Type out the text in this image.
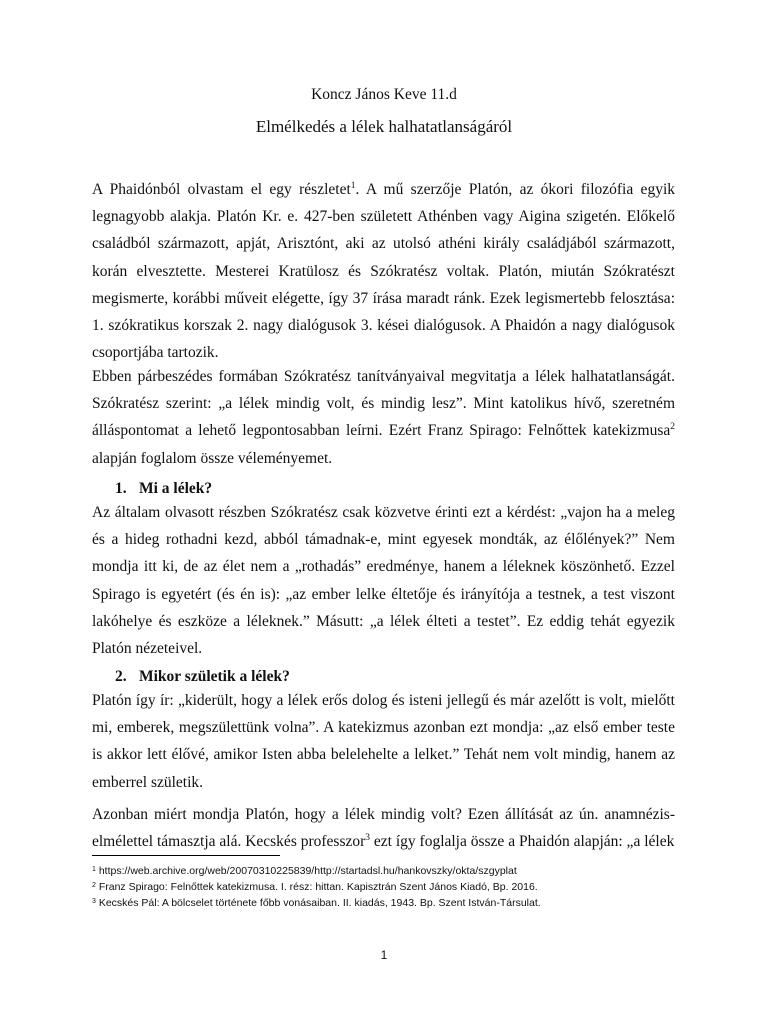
Koncz János Keve 11.d
Elmélkedés a lélek halhatatlanságáról

A Phaidónból olvastam el egy részletet$^1$. A mű szerzője Platón, az ókori filozófia egyik legnagyobb alakja. Platón Kr. e. 427-ben született Athénben vagy Aigina szigetén. Előkelő családból származott, apját, Arisztónt, aki az utolsó athéni király családjából származott, korán elvesztette. Mesterei Kratülosz és Szókratész voltak. Platón, miután Szókratészt megismerte, korábbi műveit elégette, így 37 írása maradt ránk. Ezek legismertebb felosztása: 1. szókratikus korszak 2. nagy dialógusok 3. kései dialógusok. A Phaidón a nagy dialógusok csoportjába tartozik.

Ebben párbeszédes formában Szókratész tanítványaival megvitatja a lélek halhatatlanságát. Szókratész szerint: „a lélek mindig volt, és mindig lesz”. Mint katolikus hívő, szeretném álláspontomat a lehető legpontosabban leírni. Ezért Franz Spirago: Felnőttek katekizmusa$^2$ alapján foglalom össze véleményemet.

1. Mi a lélek?

Az általam olvasott részben Szókratész csak közvetve érinti ezt a kérdést: „vajon ha a meleg és a hideg rothadni kezd, abból támadnak-e, mint egyesek mondták, az élőlények?” Nem mondja itt ki, de az élet nem a „rothadás” eredménye, hanem a léleknek köszönhető. Ezzel Spirago is egyetért (és én is): „az ember lelke éltetője és irányítója a testnek, a test viszont lakóhelye és eszköze a léleknek.” Másutt: „a lélek élteti a testet”. Ez eddig tehát egyezik Platón nézeteivel.

2. Mikor születik a lélek?

Platón így ír: „kiderült, hogy a lélek erős dolog és isteni jellegű és már azelőtt is volt, mielőtt mi, emberek, megszülettünk volna”. A katekizmus azonban ezt mondja: „az első ember teste is akkor lett élővé, amikor Isten abba belelehelte a lelket.” Tehát nem volt mindig, hanem az emberrel születik.

Azonban miért mondja Platón, hogy a lélek mindig volt? Ezen állítását az ún. anamnézis-elmélettel támasztja alá. Kecskés professzor$^3$ ezt így foglalja össze a Phaidón alapján: „a lélek

$^1$ https://web.archive.org/web/20070310225839/http://startadsl.hu/hankovszky/okta/szgyplat
$^2$ Franz Spirago: Felnőttek katekizmusa. I. rész: hittan. Kapisztrán Szent János Kiadó, Bp. 2016.
$^3$ Kecskés Pál: A bölcselet története főbb vonásaiban. II. kiadás, 1943. Bp. Szent István-Társulat.
1
